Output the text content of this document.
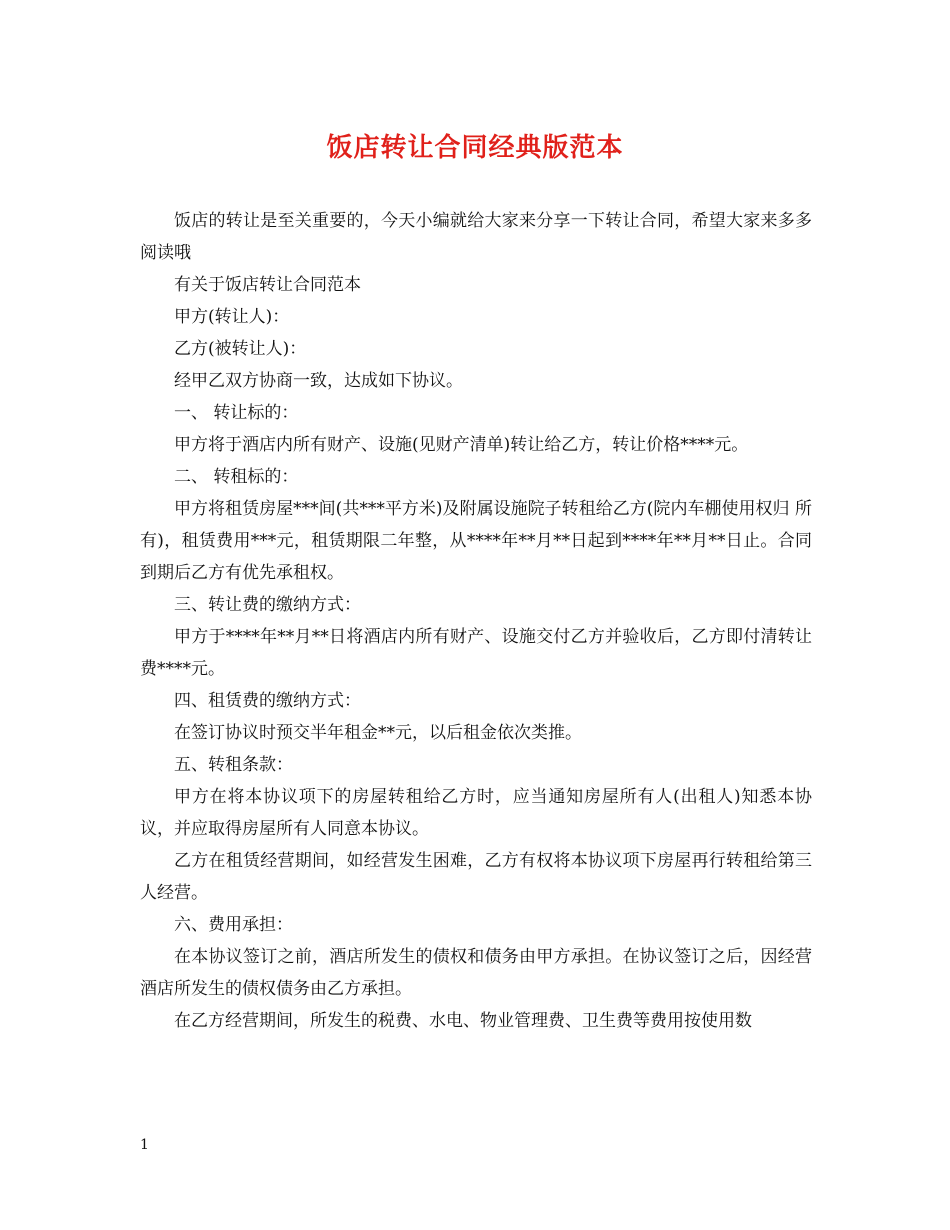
饭店转让合同经典版范本

饭店的转让是至关重要的，今天小编就给大家来分享一下转让合同，希望大家来多多阅读哦

有关于饭店转让合同范本

甲方(转让人)：

乙方(被转让人)：

经甲乙双方协商一致，达成如下协议。

一、 转让标的：

甲方将于酒店内所有财产、设施(见财产清单)转让给乙方，转让价格****元。

二、 转租标的：

甲方将租赁房屋***间(共***平方米)及附属设施院子转租给乙方(院内车棚使用权归 所有)，租赁费用***元，租赁期限二年整，从****年**月**日起到****年**月**日止。合同到期后乙方有优先承租权。

三、转让费的缴纳方式：

甲方于****年**月**日将酒店内所有财产、设施交付乙方并验收后，乙方即付清转让费****元。

四、租赁费的缴纳方式：

在签订协议时预交半年租金**元，以后租金依次类推。

五、转租条款：

甲方在将本协议项下的房屋转租给乙方时，应当通知房屋所有人(出租人)知悉本协议，并应取得房屋所有人同意本协议。

乙方在租赁经营期间，如经营发生困难，乙方有权将本协议项下房屋再行转租给第三人经营。

六、费用承担：

在本协议签订之前，酒店所发生的债权和债务由甲方承担。在协议签订之后，因经营酒店所发生的债权债务由乙方承担。

在乙方经营期间，所发生的税费、水电、物业管理费、卫生费等费用按使用数

1
